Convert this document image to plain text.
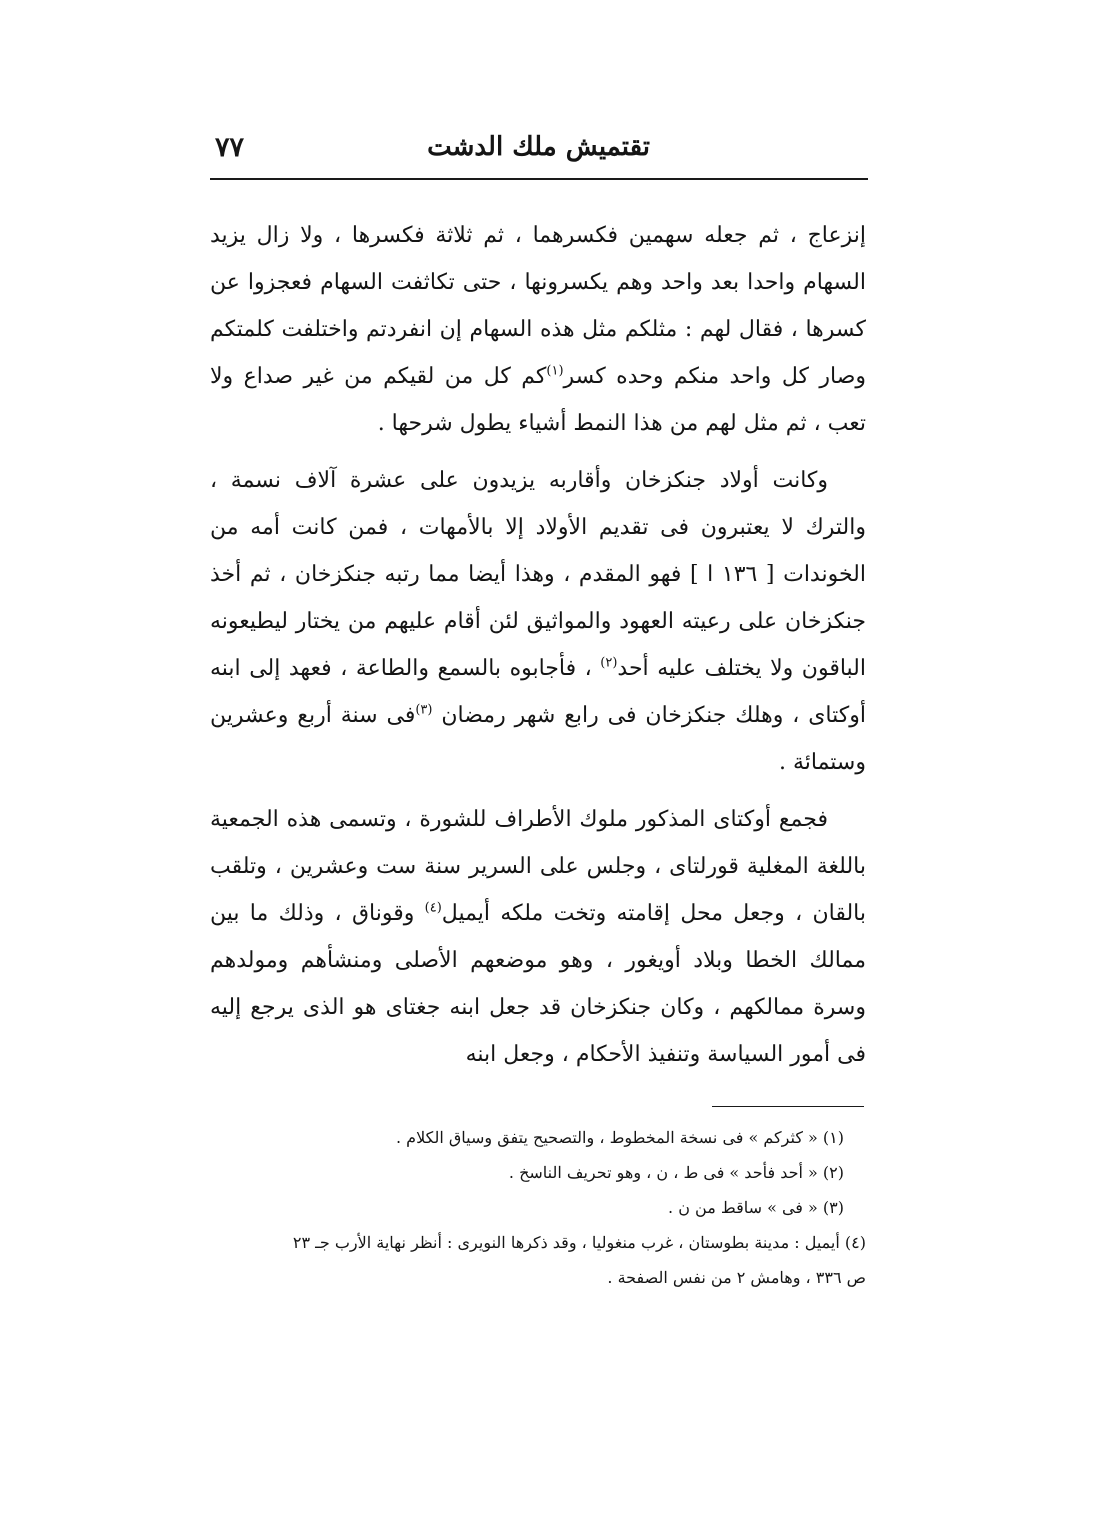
تقتميش ملك الدشت
٧٧

إنزعاج ، ثم جعله سهمين فكسرهما ، ثم ثلاثة فكسرها ، ولا زال يزيد السهام واحدا بعد واحد وهم يكسرونها ، حتى تكاثفت السهام فعجزوا عن كسرها ، فقال لهم : مثلكم مثل هذه السهام إن انفردتم واختلفت كلمتكم وصار كل واحد منكم وحده كسر$^{(١)}$كم كل من لقيكم من غير صداع ولا تعب ، ثم مثل لهم من هذا النمط أشياء يطول شرحها .

وكانت أولاد جنكزخان وأقاربه يزيدون على عشرة آلاف نسمة ، والترك لا يعتبرون فى تقديم الأولاد إلا بالأمهات ، فمن كانت أمه من الخوندات [ ١٣٦ ا ] فهو المقدم ، وهذا أيضا مما رتبه جنكزخان ، ثم أخذ جنكزخان على رعيته العهود والمواثيق لئن أقام عليهم من يختار ليطيعونه الباقون ولا يختلف عليه أحد$^{(٢)}$ ، فأجابوه بالسمع والطاعة ، فعهد إلى ابنه أوكتاى ، وهلك جنكزخان فى رابع شهر رمضان $^{(٣)}$فى سنة أربع وعشرين وستمائة .

فجمع أوكتاى المذكور ملوك الأطراف للشورة ، وتسمى هذه الجمعية باللغة المغلية قورلتاى ، وجلس على السرير سنة ست وعشرين ، وتلقب بالقان ، وجعل محل إقامته وتخت ملكه أيميل$^{(٤)}$ وقوناق ، وذلك ما بين ممالك الخطا وبلاد أويغور ، وهو موضعهم الأصلى ومنشأهم ومولدهم وسرة ممالكهم ، وكان جنكزخان قد جعل ابنه جغتاى هو الذى يرجع إليه فى أمور السياسة وتنفيذ الأحكام ، وجعل ابنه

(١) « كثركم » فى نسخة المخطوط ، والتصحيح يتفق وسياق الكلام .

(٢) « أحد فأحد » فى ط ، ن ، وهو تحريف الناسخ .

(٣) « فى » ساقط من ن .

(٤) أيميل : مدينة بطوستان ، غرب منغوليا ، وقد ذكرها النويرى : أنظر نهاية الأرب جـ ٢٣
ص ٣٣٦ ، وهامش ٢ من نفس الصفحة .
